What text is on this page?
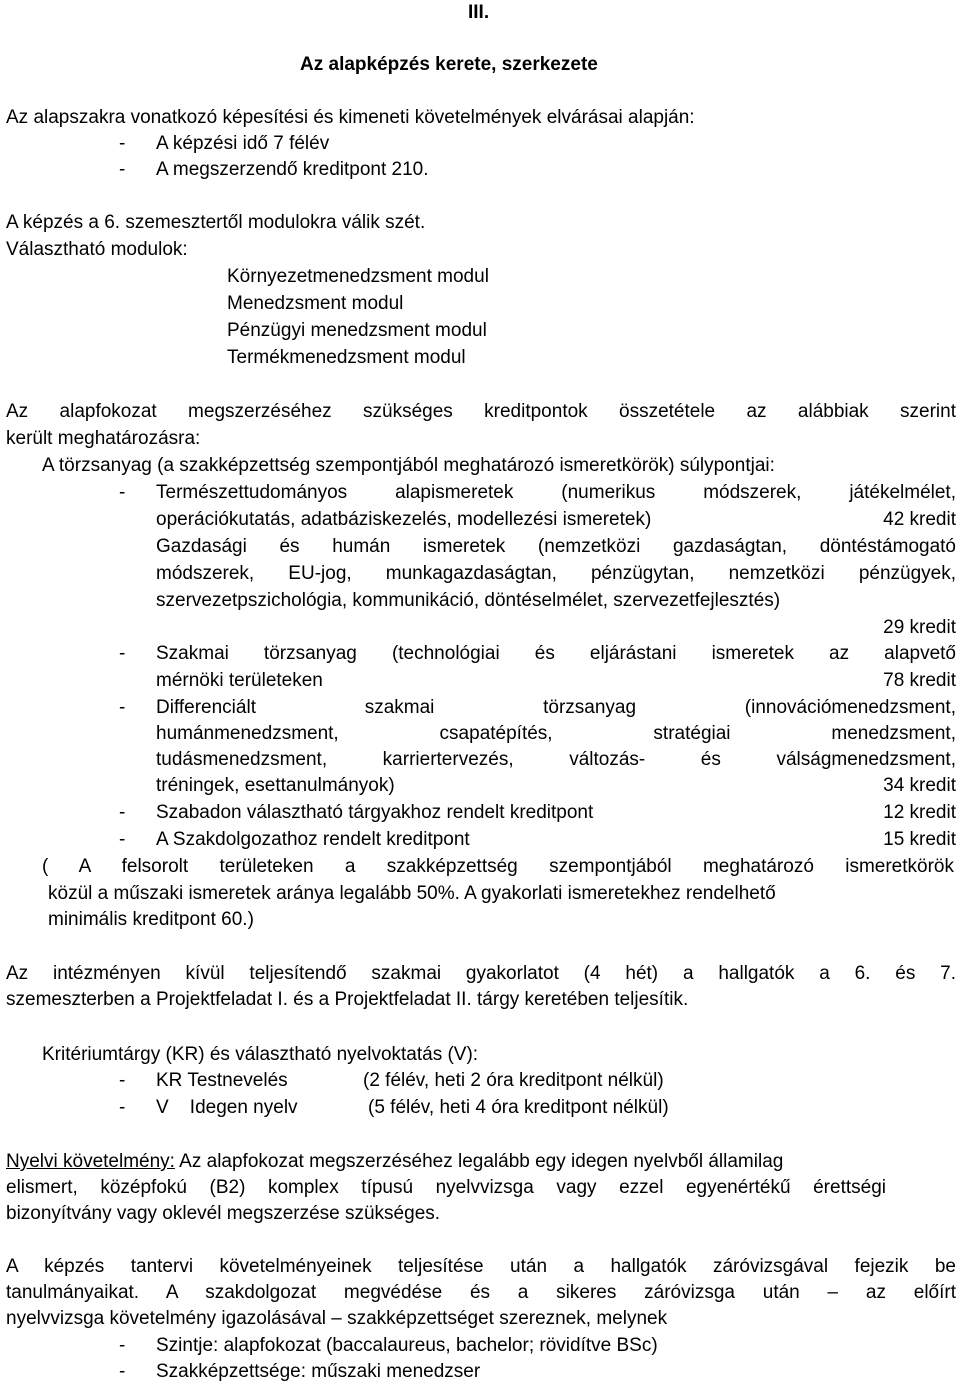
III.
Az alapképzés kerete, szerkezete
Az alapszakra vonatkozó képesítési és kimeneti követelmények elvárásai alapján:
- A képzési idő 7 félév
- A megszerzendő kreditpont 210.
A képzés a 6. szemesztertől modulokra válik szét.
Választható modulok:
Környezetmenedzsment modul
Menedzsment modul
Pénzügyi menedzsment modul
Termékmenedzsment modul
Az alapfokozat megszerzéséhez szükséges kreditpontok összetétele az alábbiak szerint
került meghatározásra:
A törzsanyag (a szakképzettség szempontjából meghatározó ismeretkörök) súlypontjai:
- Természettudományos alapismeretek (numerikus módszerek, játékelmélet,
operációkutatás, adatbáziskezelés, modellezési ismeretek)	42 kredit
Gazdasági és humán ismeretek (nemzetközi gazdaságtan, döntéstámogató
módszerek, EU-jog, munkagazdaságtan, pénzügytan, nemzetközi pénzügyek,
szervezetpszichológia, kommunikáció, döntéselmélet, szervezetfejlesztés)
29 kredit
- Szakmai törzsanyag (technológiai és eljárástani ismeretek az alapvető
mérnöki területeken	78 kredit
- Differenciált szakmai törzsanyag (innovációmenedzsment,
humánmenedzsment, csapatépítés, stratégiai menedzsment,
tudásmenedzsment, karriertervezés, változás- és válságmenedzsment,
tréningek, esettanulmányok)	34 kredit
- Szabadon választható tárgyakhoz rendelt kreditpont	12 kredit
- A Szakdolgozathoz rendelt kreditpont	15 kredit
( A felsorolt területeken a szakképzettség szempontjából meghatározó ismeretkörök
közül a műszaki ismeretek aránya legalább 50%. A gyakorlati ismeretekhez rendelhető
minimális kreditpont 60.)
Az intézményen kívül teljesítendő szakmai gyakorlatot (4 hét) a hallgatók a 6. és 7.
szemeszterben a Projektfeladat I. és a Projektfeladat II. tárgy keretében teljesítik.
Kritériumtárgy (KR) és választható nyelvoktatás (V):
- KR Testnevelés	(2 félév, heti 2 óra kreditpont nélkül)
- V    Idegen nyelv	(5 félév, heti 4 óra kreditpont nélkül)
Nyelvi követelmény: Az alapfokozat megszerzéséhez legalább egy idegen nyelvből államilag
elismert, középfokú (B2) komplex típusú nyelvvizsga vagy ezzel egyenértékű érettségi
bizonyítvány vagy oklevél megszerzése szükséges.
A képzés tantervi követelményeinek teljesítése után a hallgatók záróvizsgával fejezik be
tanulmányaikat. A szakdolgozat megvédése és a sikeres záróvizsga után – az előírt
nyelvvizsga követelmény igazolásával – szakképzettséget szereznek, melynek
- Szintje: alapfokozat (baccalaureus, bachelor; rövidítve BSc)
- Szakképzettsége: műszaki menedzser
